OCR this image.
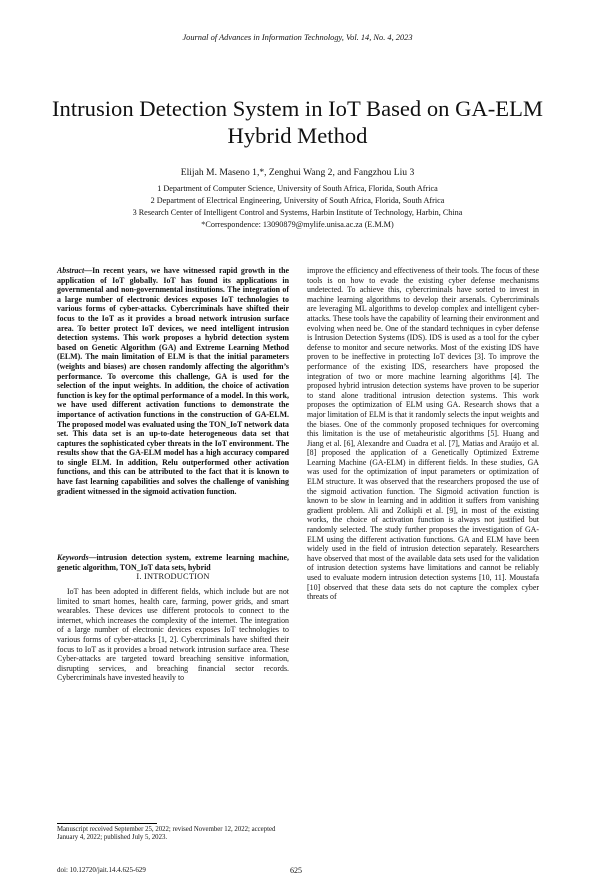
Journal of Advances in Information Technology, Vol. 14, No. 4, 2023
Intrusion Detection System in IoT Based on GA-ELM Hybrid Method
Elijah M. Maseno 1,*, Zenghui Wang 2, and Fangzhou Liu 3
1 Department of Computer Science, University of South Africa, Florida, South Africa
2 Department of Electrical Engineering, University of South Africa, Florida, South Africa
3 Research Center of Intelligent Control and Systems, Harbin Institute of Technology, Harbin, China
*Correspondence: 13090879@mylife.unisa.ac.za (E.M.M)
Abstract—In recent years, we have witnessed rapid growth in the application of IoT globally. IoT has found its applications in governmental and non-governmental institutions. The integration of a large number of electronic devices exposes IoT technologies to various forms of cyber-attacks. Cybercriminals have shifted their focus to the IoT as it provides a broad network intrusion surface area. To better protect IoT devices, we need intelligent intrusion detection systems. This work proposes a hybrid detection system based on Genetic Algorithm (GA) and Extreme Learning Method (ELM). The main limitation of ELM is that the initial parameters (weights and biases) are chosen randomly affecting the algorithm’s performance. To overcome this challenge, GA is used for the selection of the input weights. In addition, the choice of activation function is key for the optimal performance of a model. In this work, we have used different activation functions to demonstrate the importance of activation functions in the construction of GA-ELM. The proposed model was evaluated using the TON_IoT network data set. This data set is an up-to-date heterogeneous data set that captures the sophisticated cyber threats in the IoT environment. The results show that the GA-ELM model has a high accuracy compared to single ELM. In addition, Relu outperformed other activation functions, and this can be attributed to the fact that it is known to have fast learning capabilities and solves the challenge of vanishing gradient witnessed in the sigmoid activation function.
Keywords—intrusion detection system, extreme learning machine, genetic algorithm, TON_IoT data sets, hybrid
I. INTRODUCTION
IoT has been adopted in different fields, which include but are not limited to smart homes, health care, farming, power grids, and smart wearables. These devices use different protocols to connect to the internet, which increases the complexity of the internet. The integration of a large number of electronic devices exposes IoT technologies to various forms of cyber-attacks [1, 2]. Cybercriminals have shifted their focus to IoT as it provides a broad network intrusion surface area. These Cyber-attacks are targeted toward breaching sensitive information, disrupting services, and breaching financial sector records. Cybercriminals have invested heavily to
improve the efficiency and effectiveness of their tools. The focus of these tools is on how to evade the existing cyber defense mechanisms undetected. To achieve this, cybercriminals have sorted to invest in machine learning algorithms to develop their arsenals. Cybercriminals are leveraging ML algorithms to develop complex and intelligent cyber-attacks. These tools have the capability of learning their environment and evolving when need be. One of the standard techniques in cyber defense is Intrusion Detection Systems (IDS). IDS is used as a tool for the cyber defense to monitor and secure networks. Most of the existing IDS have proven to be ineffective in protecting IoT devices [3]. To improve the performance of the existing IDS, researchers have proposed the integration of two or more machine learning algorithms [4]. The proposed hybrid intrusion detection systems have proven to be superior to stand alone traditional intrusion detection systems. This work proposes the optimization of ELM using GA. Research shows that a major limitation of ELM is that it randomly selects the input weights and the biases. One of the commonly proposed techniques for overcoming this limitation is the use of metaheuristic algorithms [5]. Huang and Jiang et al. [6], Alexandre and Cuadra et al. [7], Matias and Araújo et al. [8] proposed the application of a Genetically Optimized Extreme Learning Machine (GA-ELM) in different fields. In these studies, GA was used for the optimization of input parameters or optimization of ELM structure. It was observed that the researchers proposed the use of the sigmoid activation function. The Sigmoid activation function is known to be slow in learning and in addition it suffers from vanishing gradient problem. Ali and Zolkipli et al. [9], in most of the existing works, the choice of activation function is always not justified but randomly selected. The study further proposes the investigation of GA-ELM using the different activation functions. GA and ELM have been widely used in the field of intrusion detection separately. Researchers have observed that most of the available data sets used for the validation of intrusion detection systems have limitations and cannot be reliably used to evaluate modern intrusion detection systems [10, 11]. Moustafa [10] observed that these data sets do not capture the complex cyber threats of
Manuscript received September 25, 2022; revised November 12, 2022; accepted January 4, 2022; published July 5, 2023.
doi: 10.12720/jait.14.4.625-629	625
